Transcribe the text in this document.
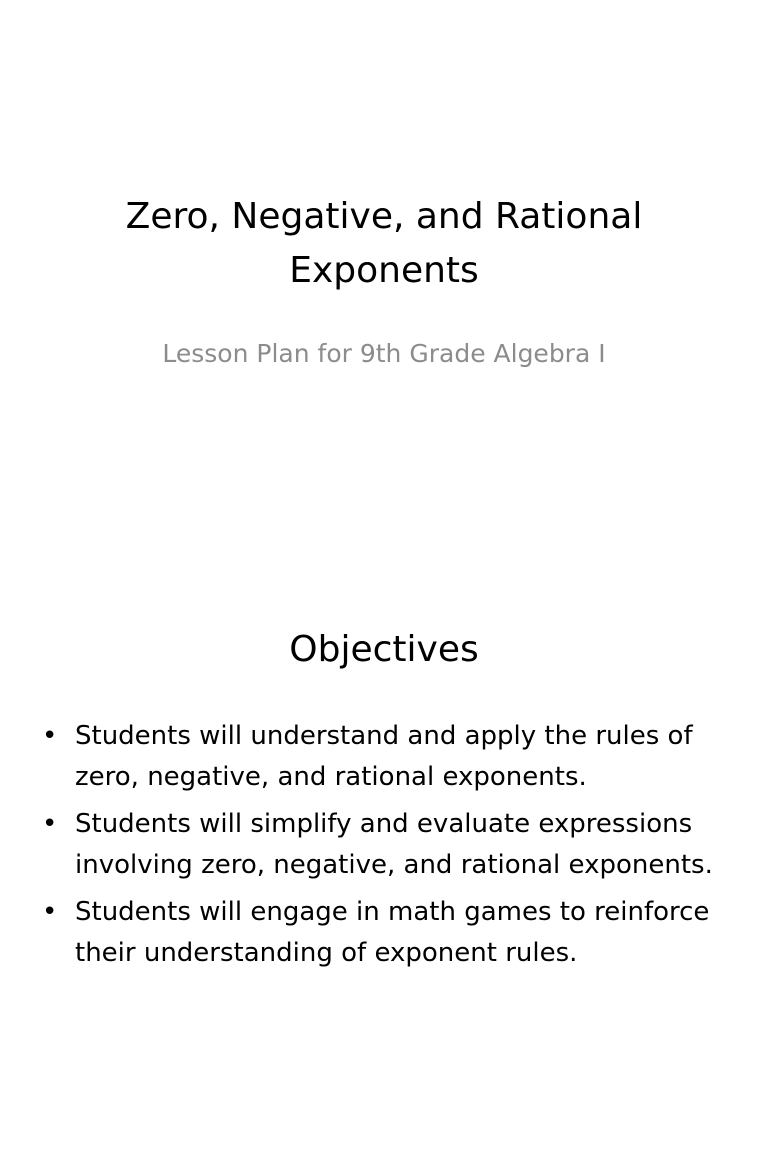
Zero, Negative, and Rational
Exponents
Lesson Plan for 9th Grade Algebra I
Objectives
• Students will understand and apply the rules of zero, negative, and rational exponents.
• Students will simplify and evaluate expressions involving zero, negative, and rational exponents.
• Students will engage in math games to reinforce their understanding of exponent rules.
